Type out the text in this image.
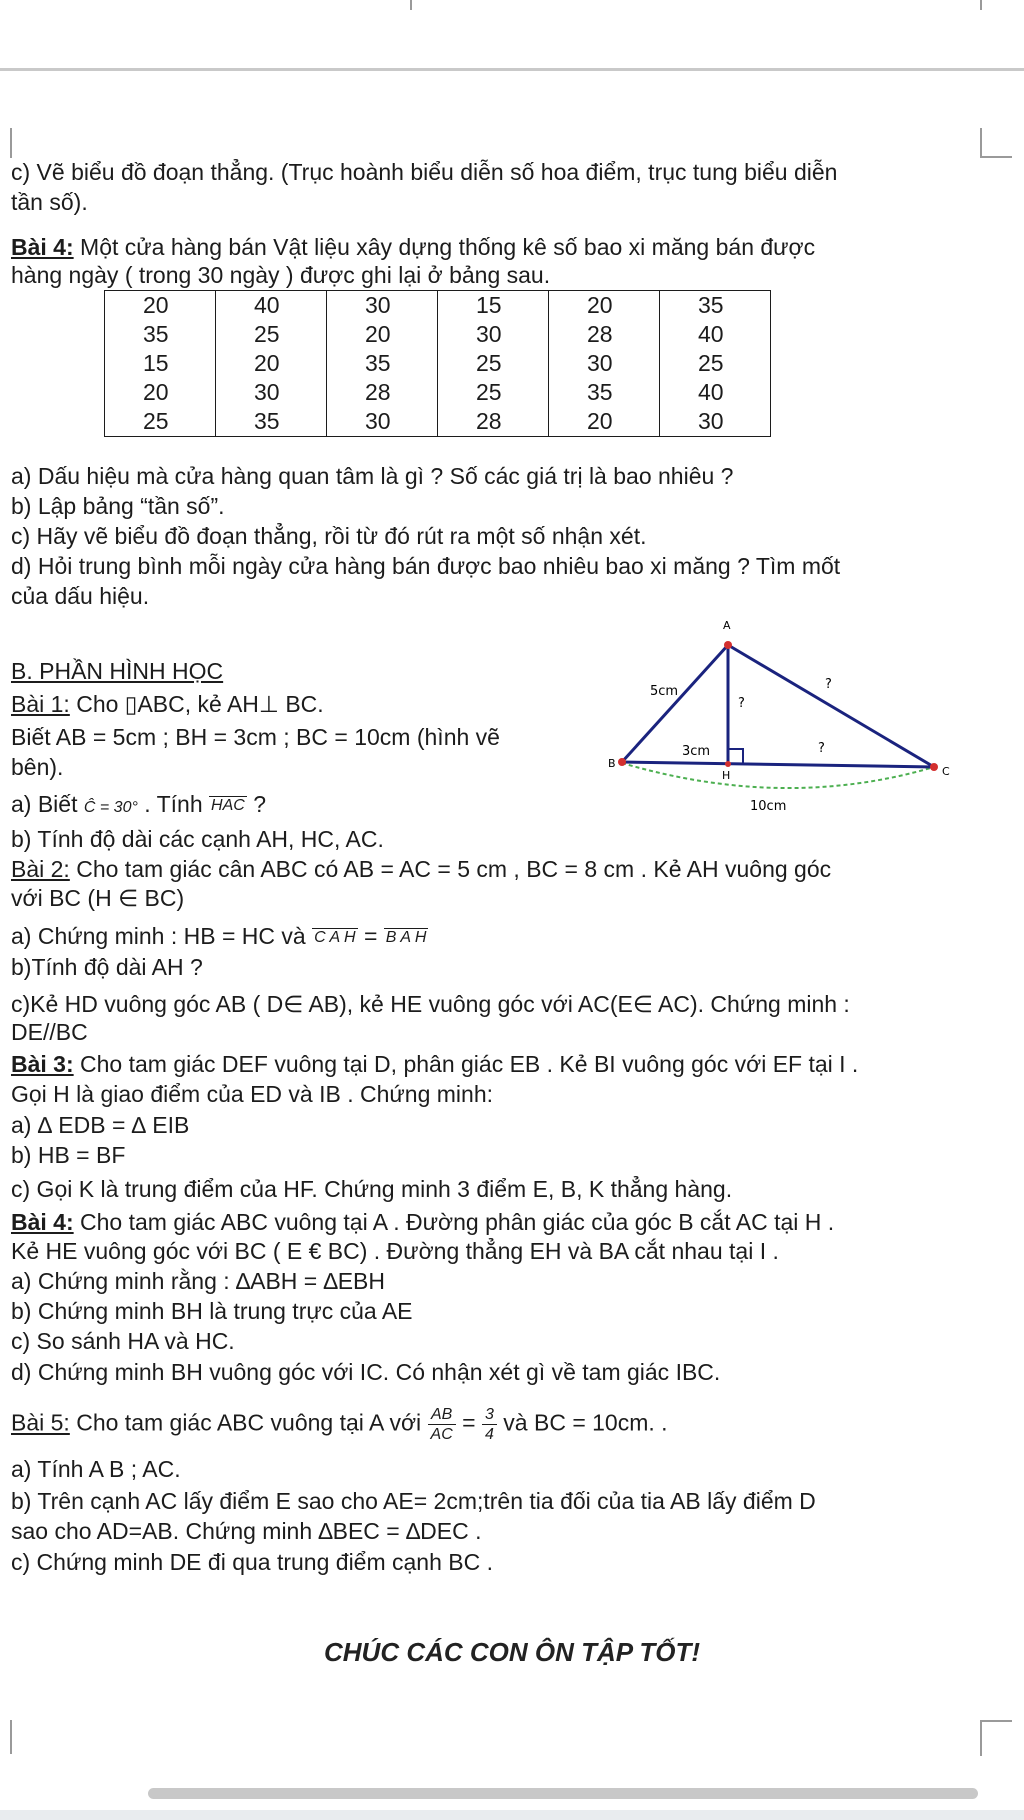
c) Vẽ biểu đồ đoạn thẳng. (Trục hoành biểu diễn số hoa điểm, trục tung biểu diễn
tần số).
Bài 4: Một cửa hàng bán Vật liệu xây dựng thống kê số bao xi măng bán được
hàng ngày ( trong 30 ngày ) được ghi lại ở bảng sau.
20	40	30	15	20	35
35	25	20	30	28	40
15	20	35	25	30	25
20	30	28	25	35	40
25	35	30	28	20	30
a) Dấu hiệu mà cửa hàng quan tâm là gì ? Số các giá trị là bao nhiêu ?
b) Lập bảng “tần số”.
c) Hãy vẽ biểu đồ đoạn thẳng, rồi từ đó rút ra một số nhận xét.
d) Hỏi trung bình mỗi ngày cửa hàng bán được bao nhiêu bao xi măng ? Tìm mốt
của dấu hiệu.
B. PHẦN HÌNH HỌC
Bài 1: Cho ▯ABC, kẻ AH⊥ BC.
Biết AB = 5cm ; BH = 3cm ; BC = 10cm (hình vẽ
bên).
a) Biết Ĉ = 30° . Tính HAC ?
b) Tính độ dài các cạnh AH, HC, AC.
A
B
C
H
5cm	?
?
3cm	?
10cm
Bài 2: Cho tam giác cân ABC có AB = AC = 5 cm , BC = 8 cm . Kẻ AH vuông góc
với BC (H ∈ BC)
a) Chứng minh : HB = HC và C A H = B A H
b)Tính độ dài AH ?
c)Kẻ HD vuông góc AB ( D∈ AB), kẻ HE vuông góc với AC(E∈ AC). Chứng minh :
DE//BC
Bài 3: Cho tam giác DEF vuông tại D, phân giác EB . Kẻ BI vuông góc với EF tại I .
Gọi H là giao điểm của ED và IB . Chứng minh:
a) ∆ EDB = ∆ EIB
b) HB = BF
c) Gọi K là trung điểm của HF. Chứng minh 3 điểm E, B, K thẳng hàng.
Bài 4: Cho tam giác ABC vuông tại A . Đường phân giác của góc B cắt AC tại H .
Kẻ HE vuông góc với BC ( E € BC) . Đường thẳng EH và BA cắt nhau tại I .
a) Chứng minh rằng : ∆ABH = ∆EBH
b) Chứng minh BH là trung trực của AE
c) So sánh HA và HC.
d) Chứng minh BH vuông góc với IC. Có nhận xét gì về tam giác IBC.
Bài 5: Cho tam giác ABC vuông tại A với $\frac{AB}{AC} = \frac{3}{4}$ và BC = 10cm. .
a) Tính A B ; AC.
b) Trên cạnh AC lấy điểm E sao cho AE= 2cm;trên tia đối của tia AB lấy điểm D
sao cho AD=AB. Chứng minh ∆BEC = ∆DEC .
c) Chứng minh DE đi qua trung điểm cạnh BC .
CHÚC CÁC CON ÔN TẬP TỐT!
